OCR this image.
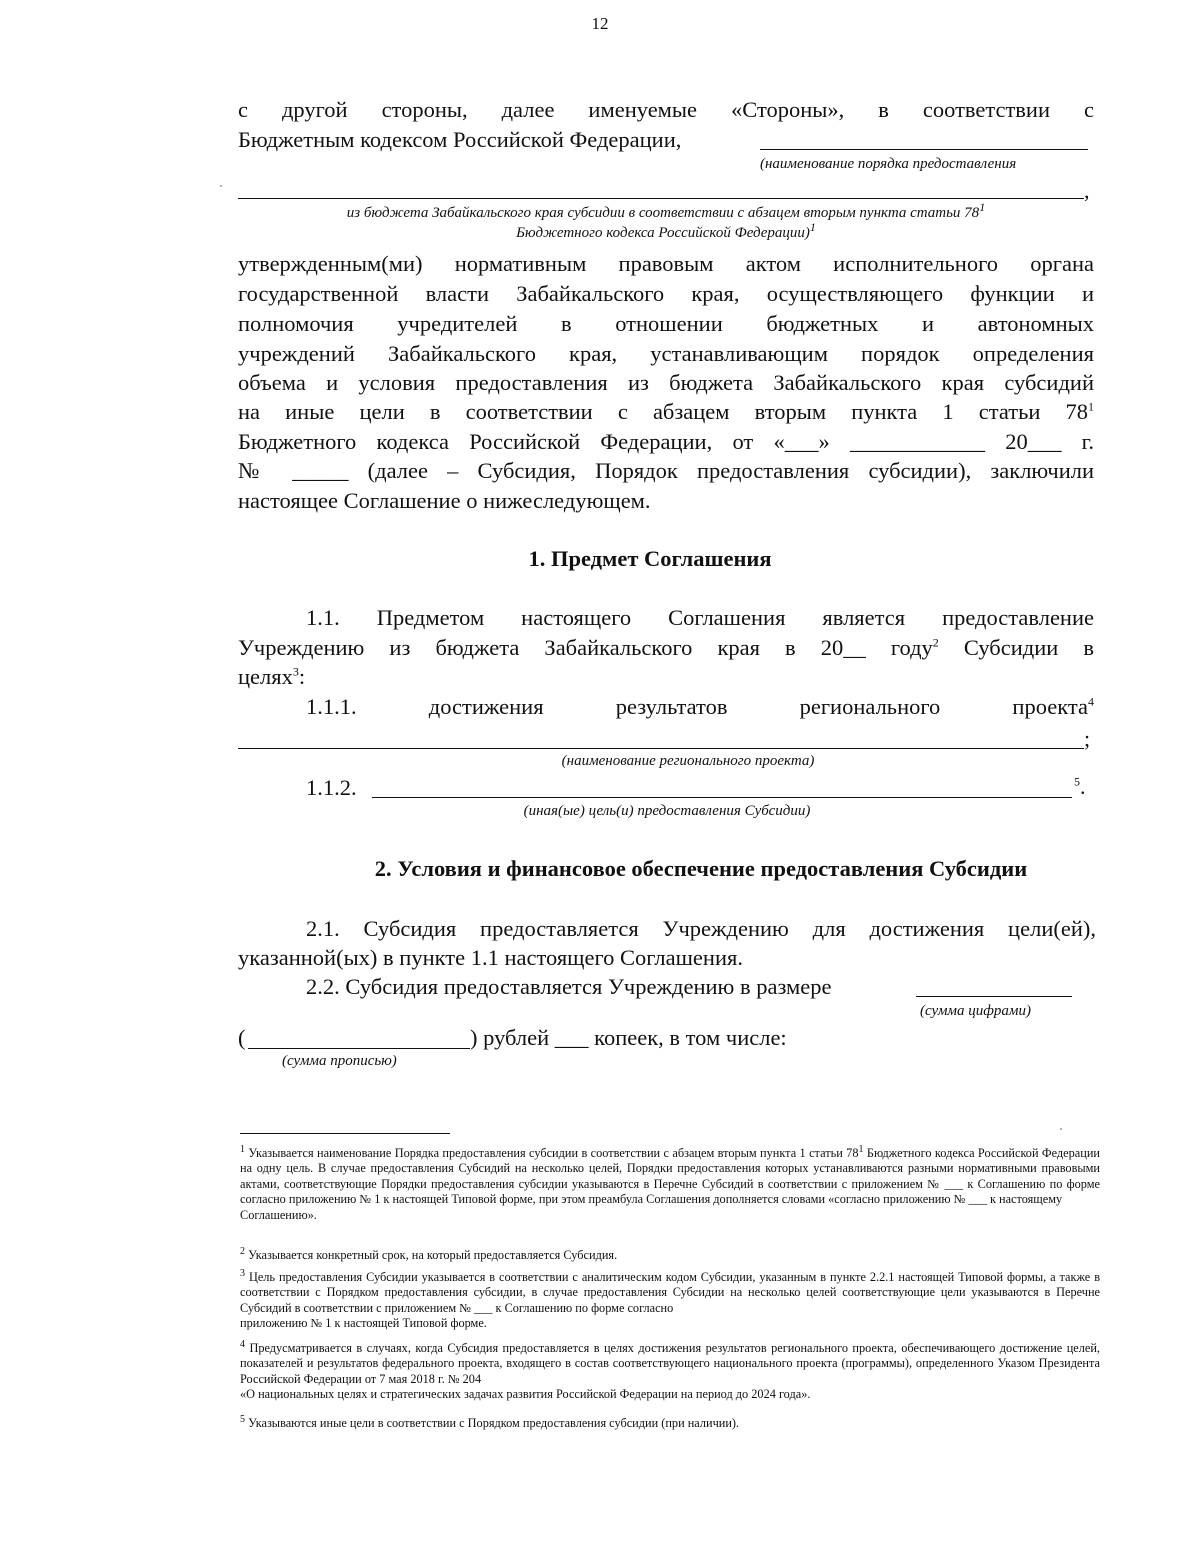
12
с другой стороны, далее именуемые «Стороны», в соответствии с
Бюджетным кодексом Российской Федерации,
(наименование порядка предоставления
,
из бюджета Забайкальского края субсидии в соответствии с абзацем вторым пункта статьи $78^1$
Бюджетного кодекса Российской Федерации)$^1$
утвержденным(ми) нормативным правовым актом исполнительного органа
государственной власти Забайкальского края, осуществляющего функции и
полномочия учредителей в отношении бюджетных и автономных
учреждений Забайкальского края, устанавливающим порядок определения
объема и условия предоставления из бюджета Забайкальского края субсидий
на иные цели в соответствии с абзацем вторым пункта 1 статьи $78^1$
Бюджетного кодекса Российской Федерации, от «___» ____________ 20___ г.
№ _____ (далее – Субсидия, Порядок предоставления субсидии), заключили
настоящее Соглашение о нижеследующем.
1. Предмет Соглашения
1.1. Предметом настоящего Соглашения является предоставление
Учреждению из бюджета Забайкальского края в 20__ году$^2$ Субсидии в
целях$^3$:
1.1.1.	достижения	результатов	регионального	проекта$^4$
;
(наименование регионального проекта)
1.1.2.	$^5$.
(иная(ые) цель(и) предоставления Субсидии)
2. Условия и финансовое обеспечение предоставления Субсидии
2.1. Субсидия предоставляется Учреждению для достижения цели(ей),
указанной(ых) в пункте 1.1 настоящего Соглашения.
2.2. Субсидия предоставляется Учреждению в размере
(сумма цифрами)
(	) рублей ___ копеек, в том числе:
(сумма прописью)
$^1$ Указывается наименование Порядка предоставления субсидии в соответствии с абзацем вторым пункта 1 статьи $78^1$ Бюджетного кодекса Российской Федерации на одну цель. В случае предоставления Субсидий на несколько целей, Порядки предоставления которых устанавливаются разными нормативными правовыми актами, соответствующие Порядки предоставления субсидии указываются в Перечне Субсидий в соответствии с приложением № ___ к Соглашению по форме согласно приложению № 1 к настоящей Типовой форме, при этом преамбула Соглашения дополняется словами «согласно приложению № ___ к настоящему
Соглашению».
$^2$ Указывается конкретный срок, на который предоставляется Субсидия.
$^3$ Цель предоставления Субсидии указывается в соответствии с аналитическим кодом Субсидии, указанным в пункте 2.2.1 настоящей Типовой формы, а также в соответствии с Порядком предоставления субсидии, в случае предоставления Субсидии на несколько целей соответствующие цели указываются в Перечне Субсидий в соответствии с приложением № ___ к Соглашению по форме согласно
приложению № 1 к настоящей Типовой форме.
$^4$ Предусматривается в случаях, когда Субсидия предоставляется в целях достижения результатов регионального проекта, обеспечивающего достижение целей, показателей и результатов федерального проекта, входящего в состав соответствующего национального проекта (программы), определенного Указом Президента Российской Федерации от 7 мая 2018 г. № 204
«О национальных целях и стратегических задачах развития Российской Федерации на период до 2024 года».
$^5$ Указываются иные цели в соответствии с Порядком предоставления субсидии (при наличии).
